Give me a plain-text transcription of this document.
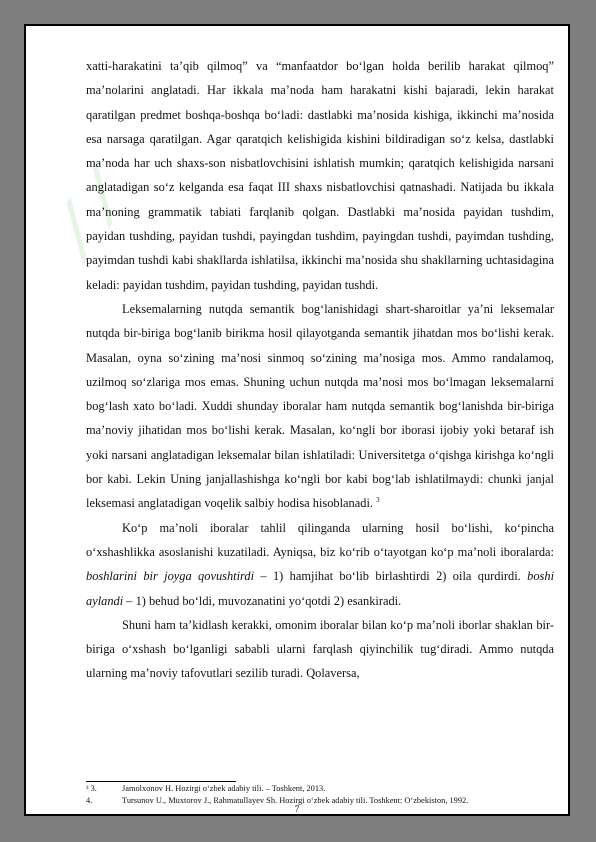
⟋⟋

xatti-harakatini ta’qib qilmoq” va “manfaatdor bo‘lgan holda berilib harakat qilmoq” ma’nolarini anglatadi. Har ikkala ma’noda ham harakatni kishi bajaradi, lekin harakat qaratilgan predmet boshqa-boshqa bo‘ladi: dastlabki ma’nosida kishiga, ikkinchi ma’nosida esa narsaga qaratilgan. Agar qaratqich kelishigida kishini bildiradigan so‘z kelsa, dastlabki ma’noda har uch shaxs-son nisbatlovchisini ishlatish mumkin; qaratqich kelishigida narsani anglatadigan so‘z kelganda esa faqat III shaxs nisbatlovchisi qatnashadi. Natijada bu ikkala ma’noning grammatik tabiati farqlanib qolgan. Dastlabki ma’nosida payidan tushdim, payidan tushding, payidan tushdi, payingdan tushdim, payingdan tushdi, payimdan tushding, payimdan tushdi kabi shakllarda ishlatilsa, ikkinchi ma’nosida shu shakllarning uchtasidagina keladi: payidan tushdim, payidan tushding, payidan tushdi.

Leksemalarning nutqda semantik bog‘lanishidagi shart-sharoitlar ya’ni leksemalar nutqda bir-biriga bog‘lanib birikma hosil qilayotganda semantik jihatdan mos bo‘lishi kerak. Masalan, oyna so‘zining ma’nosi sinmoq so‘zining ma’nosiga mos. Ammo randalamoq, uzilmoq so‘zlariga mos emas. Shuning uchun nutqda ma’nosi mos bo‘lmagan leksemalarni bog‘lash xato bo‘ladi. Xuddi shunday iboralar ham nutqda semantik bog‘lanishda bir-biriga ma’noviy jihatidan mos bo‘lishi kerak. Masalan, ko‘ngli bor iborasi ijobiy yoki betaraf ish yoki narsani anglatadigan leksemalar bilan ishlatiladi: Universitetga o‘qishga kirishga ko‘ngli bor kabi. Lekin Uning janjallashishga ko‘ngli bor kabi bog‘lab ishlatilmaydi: chunki janjal leksemasi anglatadigan voqelik salbiy hodisa hisoblanadi. $^3$

Ko‘p ma’noli iboralar tahlil qilinganda ularning hosil bo‘lishi, ko‘pincha o‘xshashlikka asoslanishi kuzatiladi. Ayniqsa, biz ko‘rib o‘tayotgan ko‘p ma’noli iboralarda: boshlarini bir joyga qovushtirdi – 1) hamjihat bo‘lib birlashtirdi 2) oila qurdirdi. boshi aylandi – 1) behud bo‘ldi, muvozanatini yo‘qotdi 2) esankiradi.

Shuni ham ta’kidlash kerakki, omonim iboralar bilan ko‘p ma’noli iborlar shaklan bir-biriga o‘xshash bo‘lganligi sababli ularni farqlash qiyinchilik tug‘diradi. Ammo nutqda ularning ma’noviy tafovutlari sezilib turadi. Qolaversa,

³ 3.	Jamolxonov H. Hozirgi o‘zbek adabiy tili. – Toshkent, 2013.
4.	Tursunov U., Muxtorov J., Rahmatullayev Sh. Hozirgi o‘zbek adabiy tili. Toshkent: O‘zbekiston, 1992.
7
